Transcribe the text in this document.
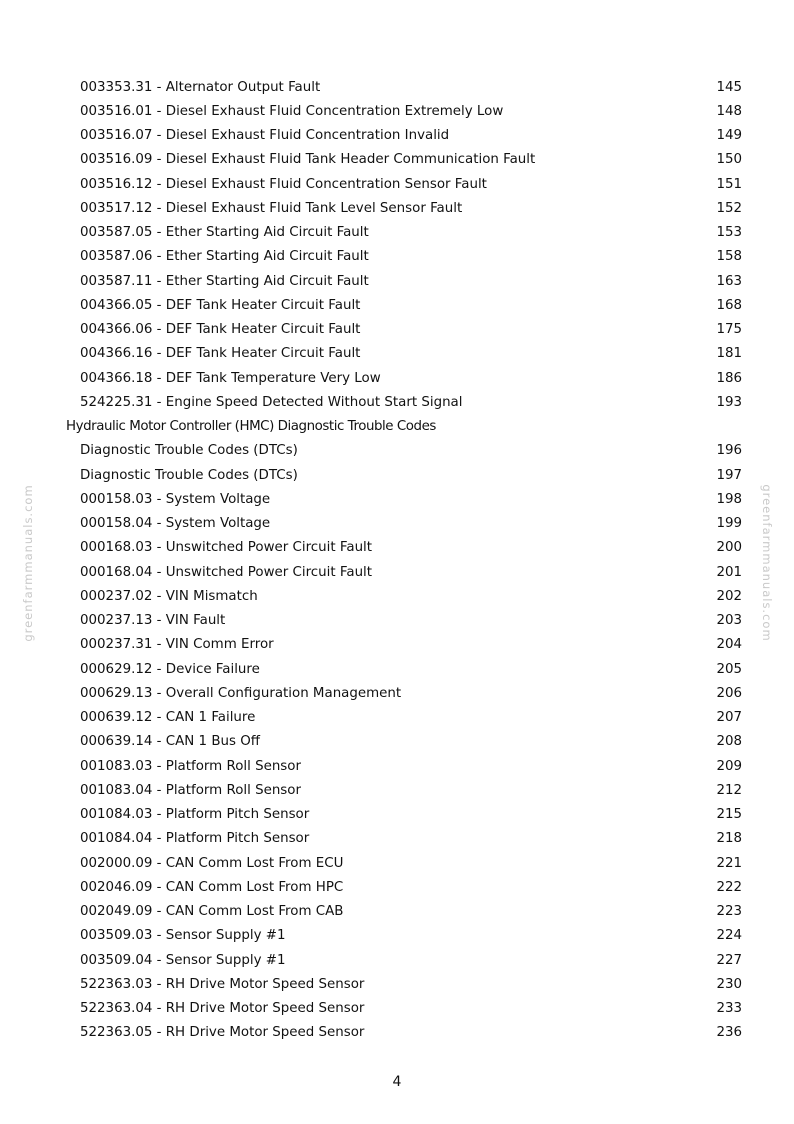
greenfarmmanuals.com	greenfarmmanuals.com
003353.31 - Alternator Output Fault	145
003516.01 - Diesel Exhaust Fluid Concentration Extremely Low	148
003516.07 - Diesel Exhaust Fluid Concentration Invalid	149
003516.09 - Diesel Exhaust Fluid Tank Header Communication Fault	150
003516.12 - Diesel Exhaust Fluid Concentration Sensor Fault	151
003517.12 - Diesel Exhaust Fluid Tank Level Sensor Fault	152
003587.05 - Ether Starting Aid Circuit Fault	153
003587.06 - Ether Starting Aid Circuit Fault	158
003587.11 - Ether Starting Aid Circuit Fault	163
004366.05 - DEF Tank Heater Circuit Fault	168
004366.06 - DEF Tank Heater Circuit Fault	175
004366.16 - DEF Tank Heater Circuit Fault	181
004366.18 - DEF Tank Temperature Very Low	186
524225.31 - Engine Speed Detected Without Start Signal	193
Hydraulic Motor Controller (HMC) Diagnostic Trouble Codes
Diagnostic Trouble Codes (DTCs)	196
Diagnostic Trouble Codes (DTCs)	197
000158.03 - System Voltage	198
000158.04 - System Voltage	199
000168.03 - Unswitched Power Circuit Fault	200
000168.04 - Unswitched Power Circuit Fault	201
000237.02 - VIN Mismatch	202
000237.13 - VIN Fault	203
000237.31 - VIN Comm Error	204
000629.12 - Device Failure	205
000629.13 - Overall Configuration Management	206
000639.12 - CAN 1 Failure	207
000639.14 - CAN 1 Bus Off	208
001083.03 - Platform Roll Sensor	209
001083.04 - Platform Roll Sensor	212
001084.03 - Platform Pitch Sensor	215
001084.04 - Platform Pitch Sensor	218
002000.09 - CAN Comm Lost From ECU	221
002046.09 - CAN Comm Lost From HPC	222
002049.09 - CAN Comm Lost From CAB	223
003509.03 - Sensor Supply #1	224
003509.04 - Sensor Supply #1	227
522363.03 - RH Drive Motor Speed Sensor	230
522363.04 - RH Drive Motor Speed Sensor	233
522363.05 - RH Drive Motor Speed Sensor	236
4
